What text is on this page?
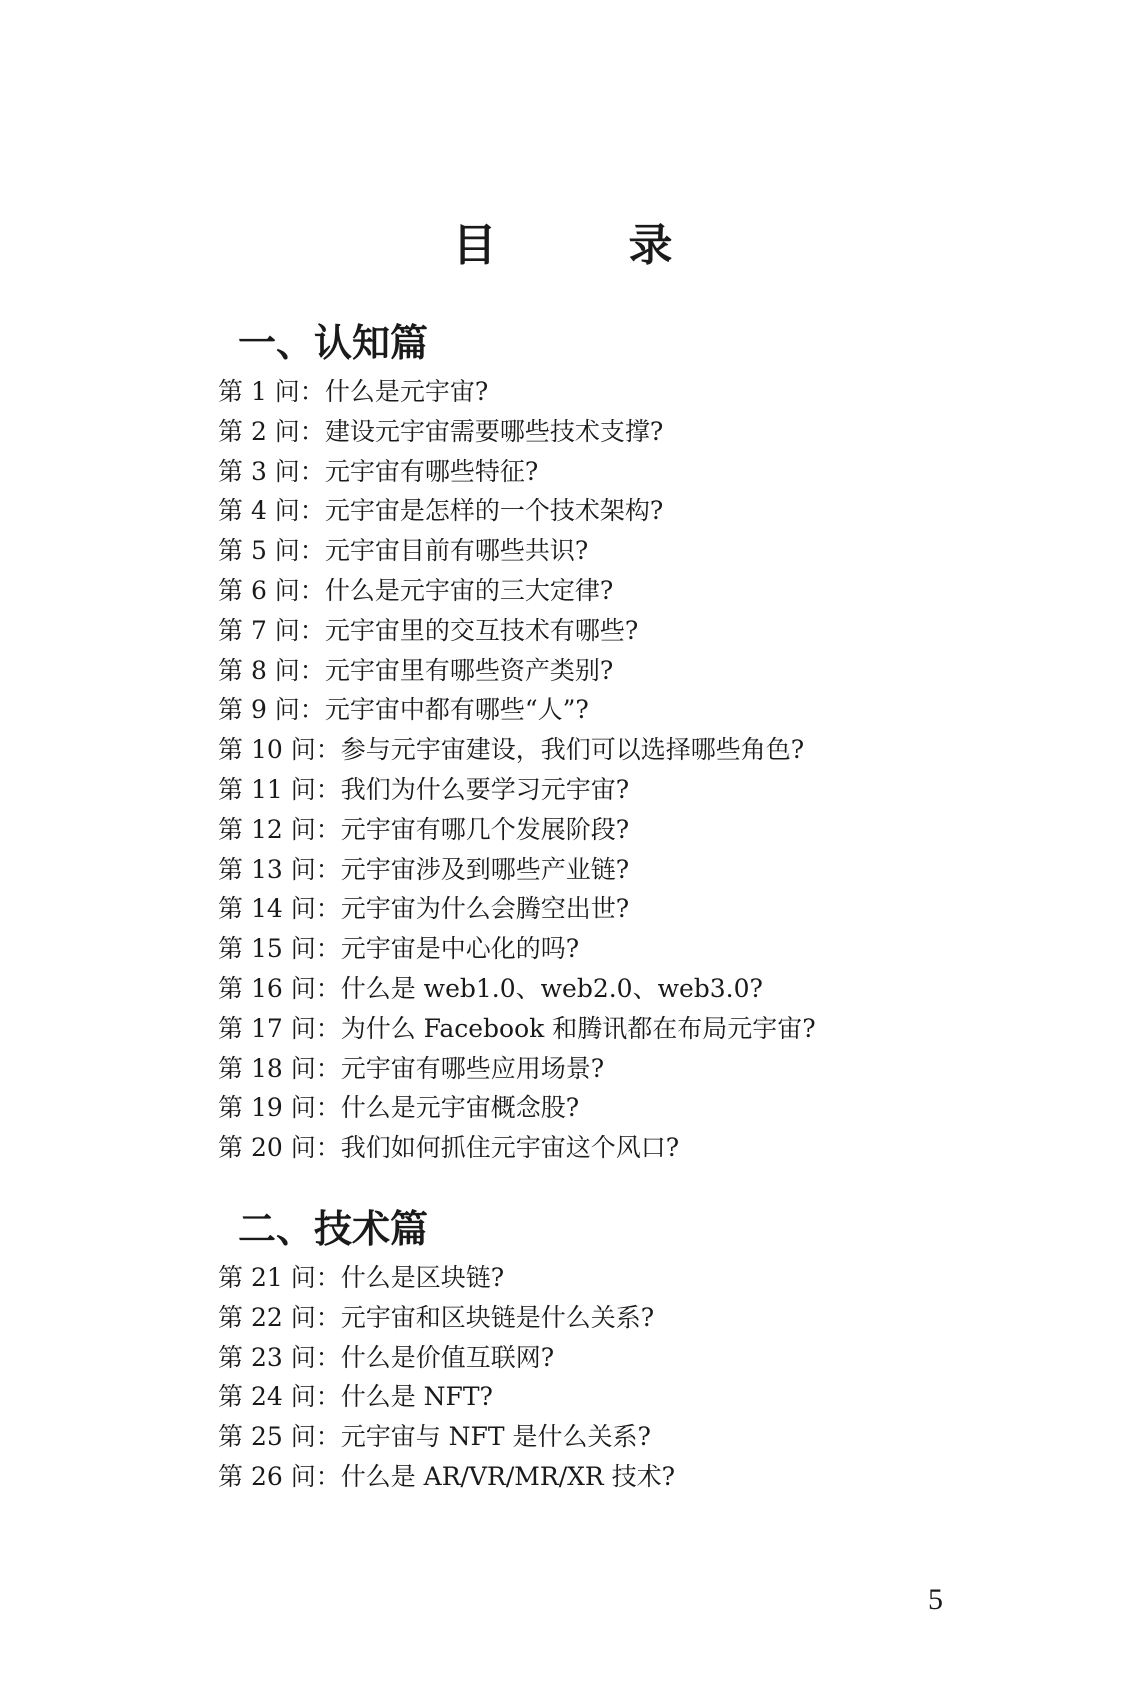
目　录
一、认知篇
第 1 问：什么是元宇宙?
第 2 问：建设元宇宙需要哪些技术支撑?
第 3 问：元宇宙有哪些特征?
第 4 问：元宇宙是怎样的一个技术架构?
第 5 问：元宇宙目前有哪些共识?
第 6 问：什么是元宇宙的三大定律?
第 7 问：元宇宙里的交互技术有哪些?
第 8 问：元宇宙里有哪些资产类别?
第 9 问：元宇宙中都有哪些“人”?
第 10 问：参与元宇宙建设，我们可以选择哪些角色?
第 11 问：我们为什么要学习元宇宙?
第 12 问：元宇宙有哪几个发展阶段?
第 13 问：元宇宙涉及到哪些产业链?
第 14 问：元宇宙为什么会腾空出世?
第 15 问：元宇宙是中心化的吗?
第 16 问：什么是 web1.0、web2.0、web3.0?
第 17 问：为什么 Facebook 和腾讯都在布局元宇宙?
第 18 问：元宇宙有哪些应用场景?
第 19 问：什么是元宇宙概念股?
第 20 问：我们如何抓住元宇宙这个风口?
二、技术篇
第 21 问：什么是区块链?
第 22 问：元宇宙和区块链是什么关系?
第 23 问：什么是价值互联网?
第 24 问：什么是 NFT?
第 25 问：元宇宙与 NFT 是什么关系?
第 26 问：什么是 AR/VR/MR/XR 技术?
5
